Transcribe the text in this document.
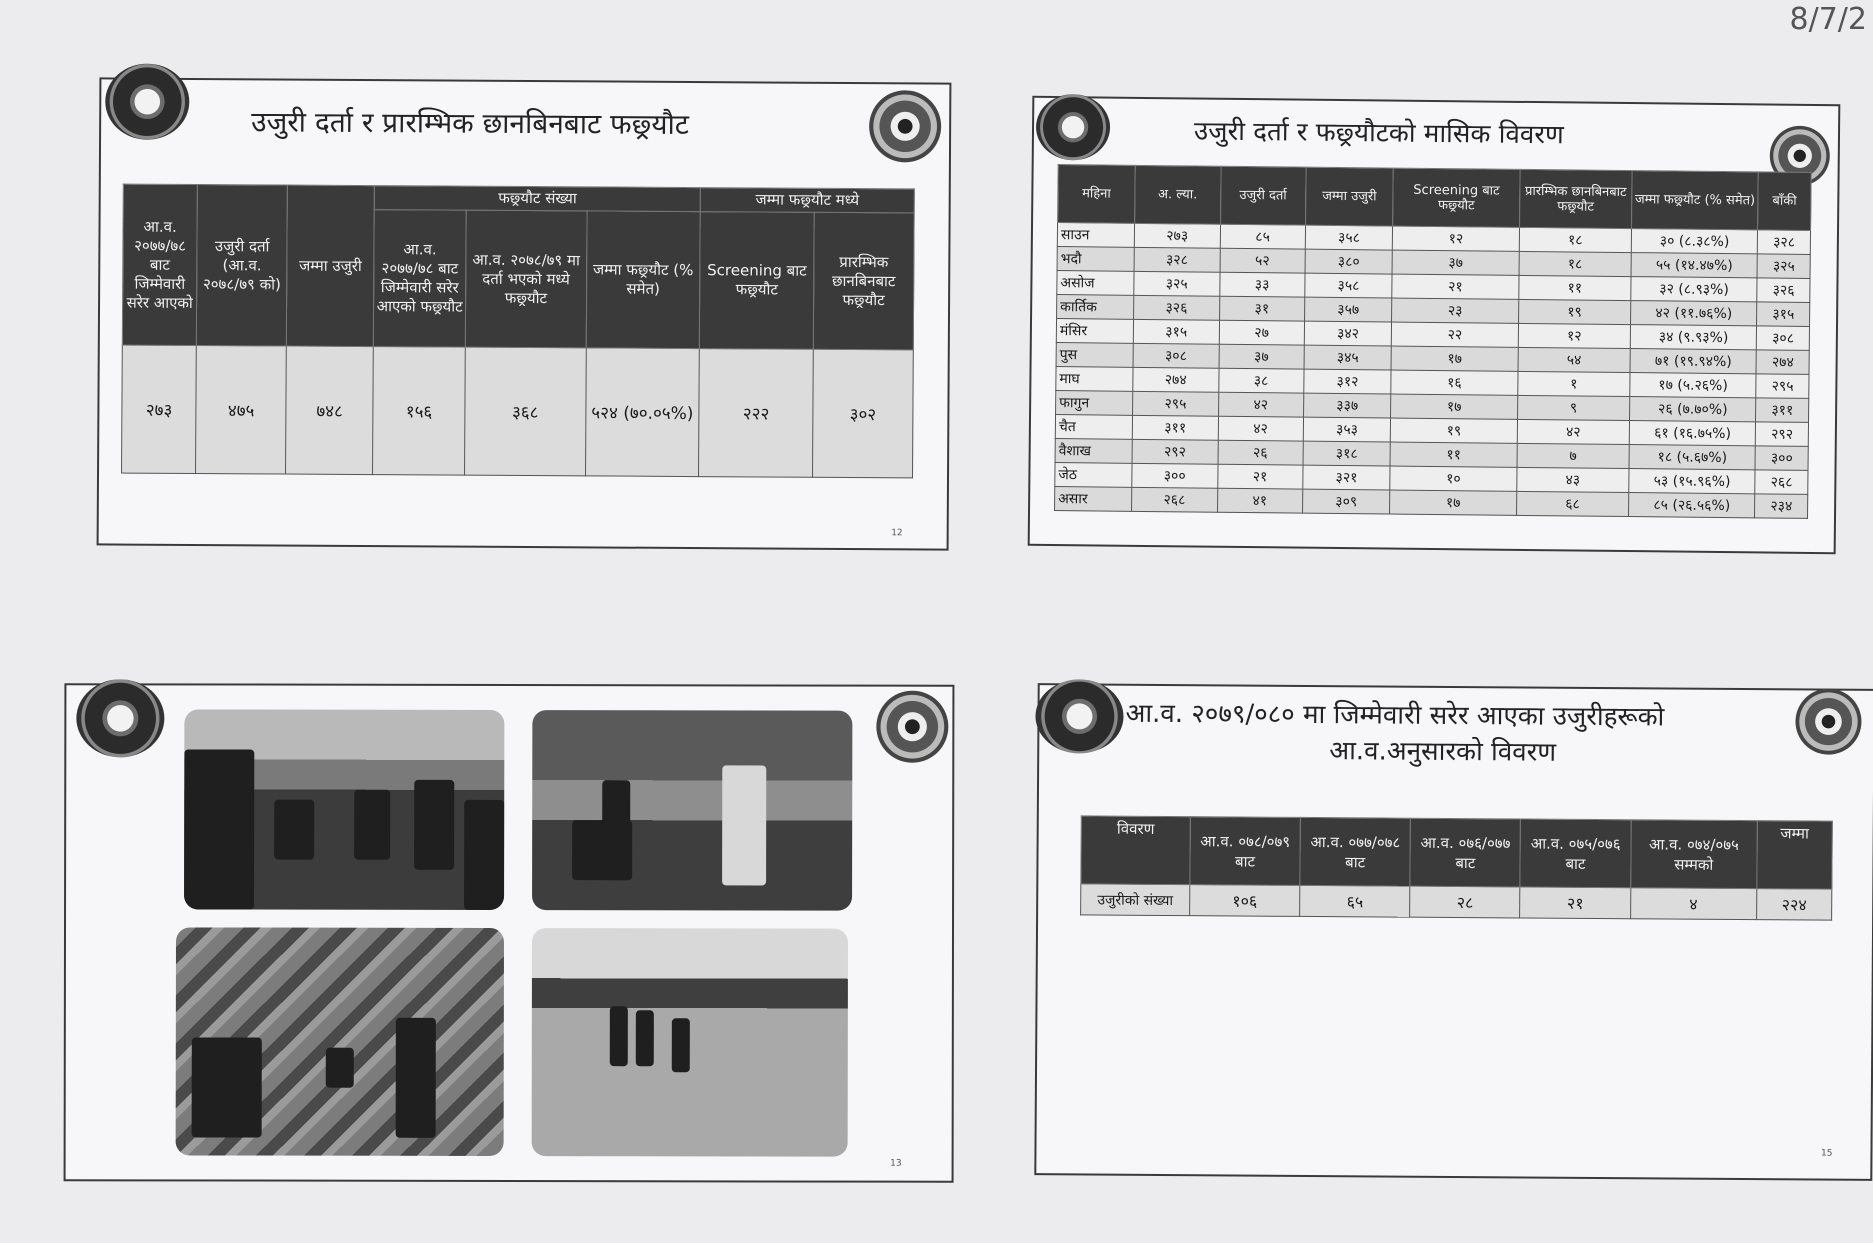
8/7/2
उजुरी दर्ता र प्रारम्भिक छानबिनबाट फछ्र्यौट
आ.व. २०७७/७८ बाट जिम्मेवारी सरेर आएको	उजुरी दर्ता (आ.व. २०७८/७९ को)	जम्मा उजुरी	फछ्र्यौट संख्या			जम्मा फछ्र्यौट मध्ये	
			आ.व. २०७७/७८ बाट जिम्मेवारी सरेर आएको फछ्र्यौट	आ.व. २०७८/७९ मा दर्ता भएको मध्ये फछ्र्यौट	जम्मा फछ्र्यौट (% समेत)	Screening बाट फछ्र्यौट	प्रारम्भिक छानबिनबाट फछ्र्यौट
२७३	४७५	७४८	१५६	३६८	५२४ (७०.०५%)	२२२	३०२
12
उजुरी दर्ता र फछ्र्यौटको मासिक विवरण
महिना	अ. ल्या.	उजुरी दर्ता	जम्मा उजुरी	Screening बाट फछ्र्यौट	प्रारम्भिक छानबिनबाट फछ्र्यौट	जम्मा फछ्र्यौट (% समेत)	बाँकी
साउन	२७३	८५	३५८	१२	१८	३० (८.३८%)	३२८
भदौ	३२८	५२	३८०	३७	१८	५५ (१४.४७%)	३२५
असोज	३२५	३३	३५८	२१	११	३२ (८.९३%)	३२६
कार्तिक	३२६	३१	३५७	२३	१९	४२ (११.७६%)	३१५
मंसिर	३१५	२७	३४२	२२	१२	३४ (९.९३%)	३०८
पुस	३०८	३७	३४५	१७	५४	७१ (१९.९४%)	२७४
माघ	२७४	३८	३१२	१६	१	१७ (५.२६%)	२९५
फागुन	२९५	४२	३३७	१७	९	२६ (७.७०%)	३११
चैत	३११	४२	३५३	१९	४२	६१ (१६.७५%)	२९२
वैशाख	२९२	२६	३१८	११	७	१८ (५.६७%)	३००
जेठ	३००	२१	३२१	१०	४३	५३ (१५.९६%)	२६८
असार	२६८	४१	३०९	१७	६८	८५ (२६.५६%)	२३४
13
आ.व. २०७९/०८० मा जिम्मेवारी सरेर आएका उजुरीहरूको
आ.व.अनुसारको विवरण
विवरण	आ.व. ०७८/०७९ बाट	आ.व. ०७७/०७८ बाट	आ.व. ०७६/०७७ बाट	आ.व. ०७५/०७६ बाट	आ.व. ०७४/०७५ सम्मको	जम्मा
उजुरीको संख्या	१०६	६५	२८	२१	४	२२४
15
